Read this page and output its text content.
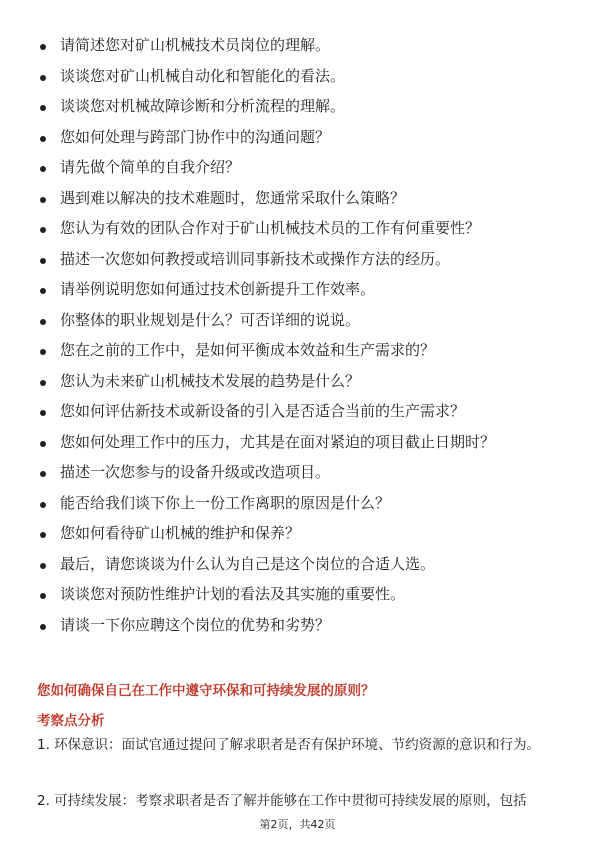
请简述您对矿山机械技术员岗位的理解。
谈谈您对矿山机械自动化和智能化的看法。
谈谈您对机械故障诊断和分析流程的理解。
您如何处理与跨部门协作中的沟通问题？
请先做个简单的自我介绍？
遇到难以解决的技术难题时，您通常采取什么策略？
您认为有效的团队合作对于矿山机械技术员的工作有何重要性？
描述一次您如何教授或培训同事新技术或操作方法的经历。
请举例说明您如何通过技术创新提升工作效率。
你整体的职业规划是什么？可否详细的说说。
您在之前的工作中，是如何平衡成本效益和生产需求的？
您认为未来矿山机械技术发展的趋势是什么？
您如何评估新技术或新设备的引入是否适合当前的生产需求？
您如何处理工作中的压力，尤其是在面对紧迫的项目截止日期时？
描述一次您参与的设备升级或改造项目。
能否给我们谈下你上一份工作离职的原因是什么？
您如何看待矿山机械的维护和保养？
最后，请您谈谈为什么认为自己是这个岗位的合适人选。
谈谈您对预防性维护计划的看法及其实施的重要性。
请谈一下你应聘这个岗位的优势和劣势？
您如何确保自己在工作中遵守环保和可持续发展的原则？
考察点分析
1. 环保意识：面试官通过提问了解求职者是否有保护环境、节约资源的意识和行为。
2. 可持续发展：考察求职者是否了解并能够在工作中贯彻可持续发展的原则，包括
第2页，共42页
